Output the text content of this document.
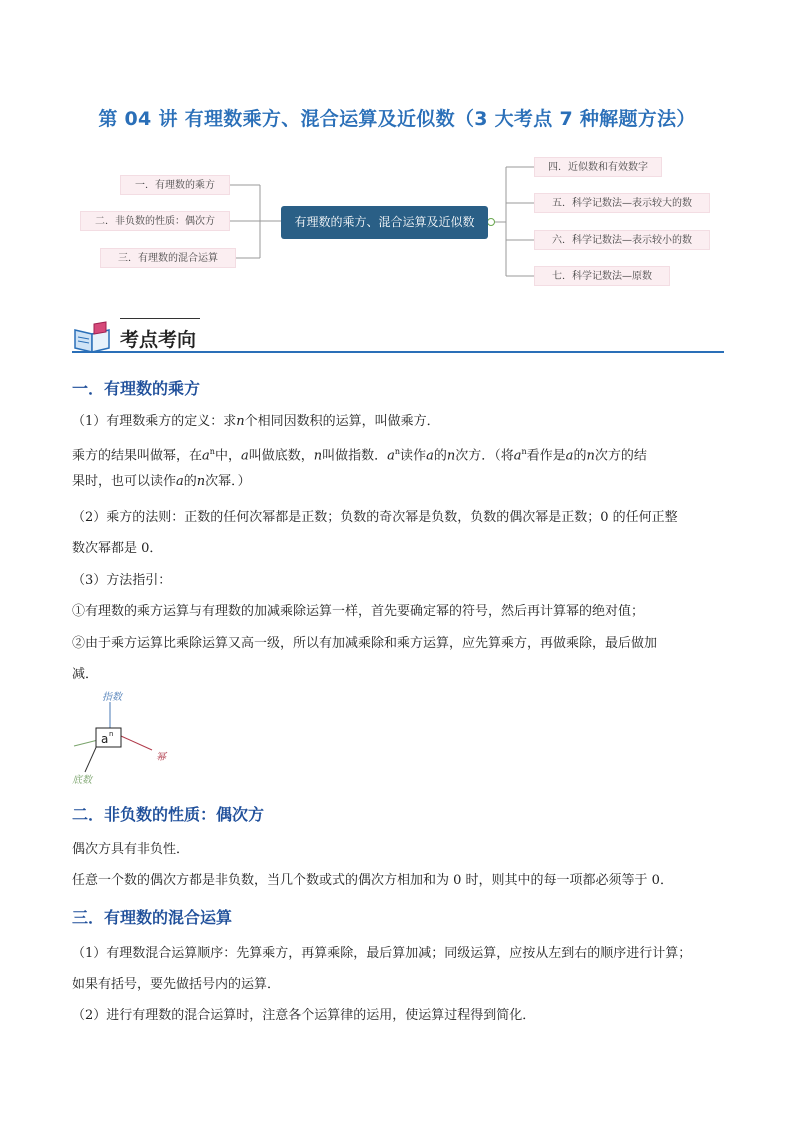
第 04 讲 有理数乘方、混合运算及近似数（3 大考点 7 种解题方法）
一．有理数的乘方
二．非负数的性质：偶次方
三．有理数的混合运算
有理数的乘方、混合运算及近似数
四．近似数和有效数字
五．科学记数法—表示较大的数
六．科学记数法—表示较小的数
七．科学记数法—原数
考点考向
一．有理数的乘方
（1）有理数乘方的定义：求n个相同因数积的运算，叫做乘方．
乘方的结果叫做幂，在$a^n$中，a叫做底数，n叫做指数．$a^n$读作a的n次方．（将$a^n$看作是a的n次方的结
果时，也可以读作a的n次幂．）
（2）乘方的法则：正数的任何次幂都是正数；负数的奇次幂是负数，负数的偶次幂是正数；0 的任何正整
数次幂都是 0．
（3）方法指引：
①有理数的乘方运算与有理数的加减乘除运算一样，首先要确定幂的符号，然后再计算幂的绝对值；
②由于乘方运算比乘除运算又高一级，所以有加减乘除和乘方运算，应先算乘方，再做乘除，最后做加
减．
a n
指数
幂
底数
二．非负数的性质：偶次方
偶次方具有非负性．
任意一个数的偶次方都是非负数，当几个数或式的偶次方相加和为 0 时，则其中的每一项都必须等于 0．
三．有理数的混合运算
（1）有理数混合运算顺序：先算乘方，再算乘除，最后算加减；同级运算，应按从左到右的顺序进行计算；
如果有括号，要先做括号内的运算．
（2）进行有理数的混合运算时，注意各个运算律的运用，使运算过程得到简化．
